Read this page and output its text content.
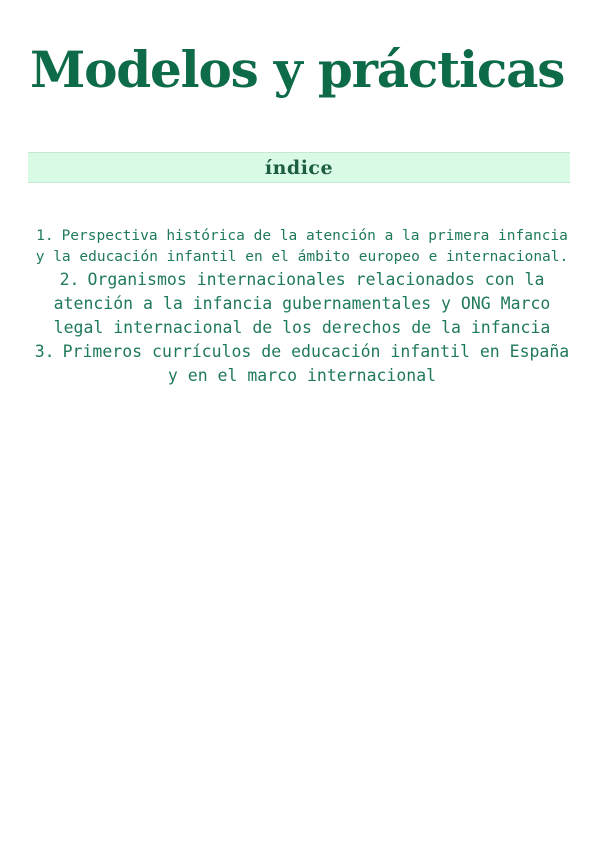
Modelos y prácticas
índice

1. Perspectiva histórica de la atención a la primera infancia y la educación infantil en el ámbito europeo e internacional.

2. Organismos internacionales relacionados con la atención a la infancia gubernamentales y ONG Marco legal internacional de los derechos de la infancia

3. Primeros currículos de educación infantil en España y en el marco internacional
